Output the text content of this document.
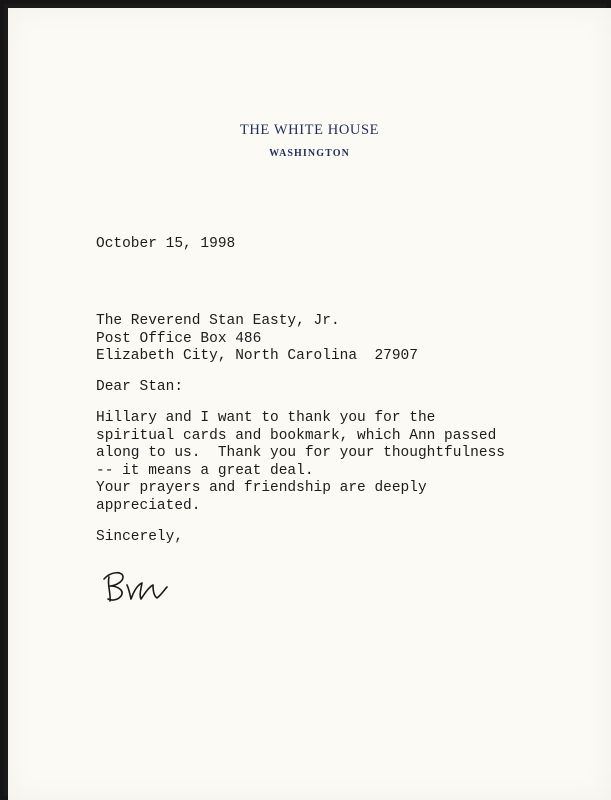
THE WHITE HOUSE
WASHINGTON

October 15, 1998

The Reverend Stan Easty, Jr.
Post Office Box 486
Elizabeth City, North Carolina  27907

Dear Stan:

Hillary and I want to thank you for the
spiritual cards and bookmark, which Ann passed
along to us.  Thank you for your thoughtfulness
-- it means a great deal.

Your prayers and friendship are deeply
appreciated.

Sincerely,
